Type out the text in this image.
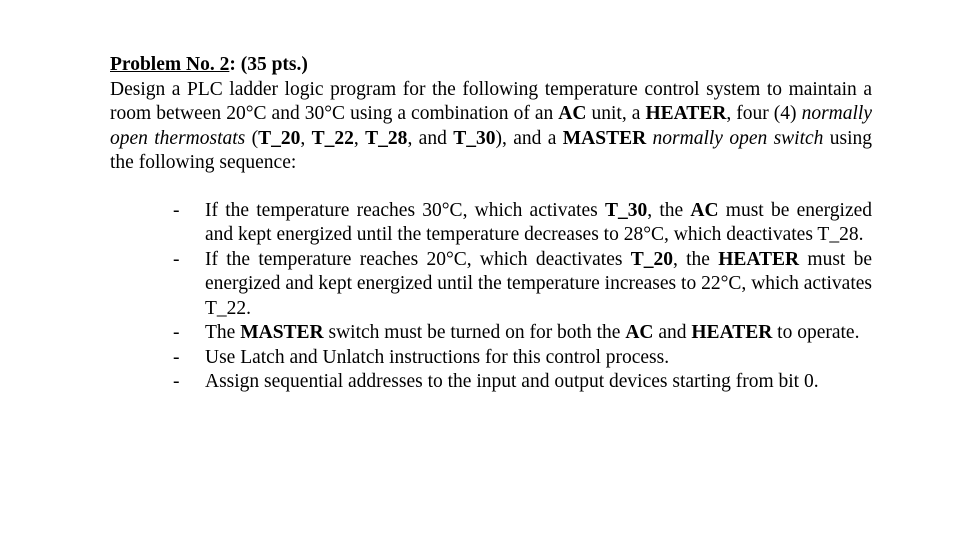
Problem No. 2: (35 pts.)

Design a PLC ladder logic program for the following temperature control system to maintain a room between 20°C and 30°C using a combination of an AC unit, a HEATER, four (4) normally open thermostats (T_20, T_22, T_28, and T_30), and a MASTER normally open switch using the following sequence:

- If the temperature reaches 30°C, which activates T_30, the AC must be energized and kept energized until the temperature decreases to 28°C, which deactivates T_28.
- If the temperature reaches 20°C, which deactivates T_20, the HEATER must be energized and kept energized until the temperature increases to 22°C, which activates T_22.
- The MASTER switch must be turned on for both the AC and HEATER to operate.
- Use Latch and Unlatch instructions for this control process.
- Assign sequential addresses to the input and output devices starting from bit 0.
